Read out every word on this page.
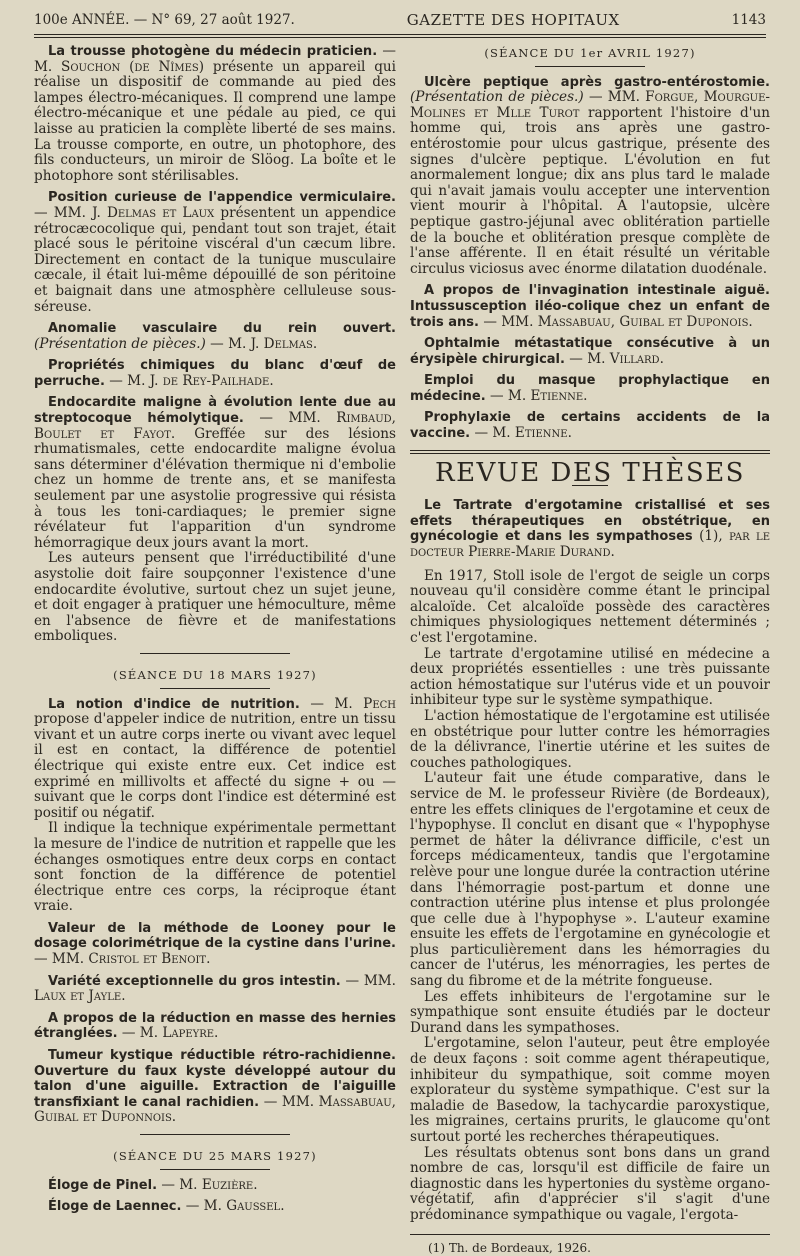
100e ANNÉE. — N° 69, 27 août 1927.	GAZETTE DES HOPITAUX	1143

La trousse photogène du médecin praticien. — M. Souchon (de Nîmes) présente un appareil qui réalise un dispositif de commande au pied des lampes électro-mécaniques. Il comprend une lampe électro-mécanique et une pédale au pied, ce qui laisse au praticien la complète liberté de ses mains. La trousse comporte, en outre, un photophore, des fils conducteurs, un miroir de Slöog. La boîte et le photophore sont stérilisables.

Position curieuse de l'appendice vermiculaire. — MM. J. Delmas et Laux présentent un appendice rétrocæcocolique qui, pendant tout son trajet, était placé sous le péritoine viscéral d'un cæcum libre. Directement en contact de la tunique musculaire cæcale, il était lui-même dépouillé de son péritoine et baignait dans une atmosphère celluleuse sous-séreuse.

Anomalie vasculaire du rein ouvert. (Présentation de pièces.) — M. J. Delmas.

Propriétés chimiques du blanc d'œuf de perruche. — M. J. de Rey-Pailhade.

Endocardite maligne à évolution lente due au streptocoque hémolytique. — MM. Rimbaud, Boulet et Fayot. Greffée sur des lésions rhumatismales, cette endocardite maligne évolua sans déterminer d'élévation thermique ni d'embolie chez un homme de trente ans, et se manifesta seulement par une asystolie progressive qui résista à tous les toni-cardiaques; le premier signe révélateur fut l'apparition d'un syndrome hémorragique deux jours avant la mort.

Les auteurs pensent que l'irréductibilité d'une asystolie doit faire soupçonner l'existence d'une endocardite évolutive, surtout chez un sujet jeune, et doit engager à pratiquer une hémoculture, même en l'absence de fièvre et de manifestations emboliques.

(SÉANCE DU 18 MARS 1927)

La notion d'indice de nutrition. — M. Pech propose d'appeler indice de nutrition, entre un tissu vivant et un autre corps inerte ou vivant avec lequel il est en contact, la différence de potentiel électrique qui existe entre eux. Cet indice est exprimé en millivolts et affecté du signe + ou — suivant que le corps dont l'indice est déterminé est positif ou négatif.

Il indique la technique expérimentale permettant la mesure de l'indice de nutrition et rappelle que les échanges osmotiques entre deux corps en contact sont fonction de la différence de potentiel électrique entre ces corps, la réciproque étant vraie.

Valeur de la méthode de Looney pour le dosage colorimétrique de la cystine dans l'urine. — MM. Cristol et Benoit.

Variété exceptionnelle du gros intestin. — MM. Laux et Jayle.

A propos de la réduction en masse des hernies étranglées. — M. Lapeyre.

Tumeur kystique réductible rétro-rachidienne. Ouverture du faux kyste développé autour du talon d'une aiguille. Extraction de l'aiguille transfixiant le canal rachidien. — MM. Massabuau, Guibal et Duponnois.

(SÉANCE DU 25 MARS 1927)

Éloge de Pinel. — M. Euzière.

Éloge de Laennec. — M. Gaussel.

(SÉANCE DU 1er AVRIL 1927)

Ulcère peptique après gastro-entérostomie. (Présentation de pièces.) — MM. Forgue, Mourgue-Molines et Mlle Turot rapportent l'histoire d'un homme qui, trois ans après une gastro-entérostomie pour ulcus gastrique, présente des signes d'ulcère peptique. L'évolution en fut anormalement longue; dix ans plus tard le malade qui n'avait jamais voulu accepter une intervention vient mourir à l'hôpital. A l'autopsie, ulcère peptique gastro-jéjunal avec oblitération partielle de la bouche et oblitération presque complète de l'anse afférente. Il en était résulté un véritable circulus viciosus avec énorme dilatation duodénale.

A propos de l'invagination intestinale aiguë. Intussusception iléo-colique chez un enfant de trois ans. — MM. Massabuau, Guibal et Duponois.

Ophtalmie métastatique consécutive à un érysipèle chirurgical. — M. Villard.

Emploi du masque prophylactique en médecine. — M. Etienne.

Prophylaxie de certains accidents de la vaccine. — M. Etienne.

REVUE DES THÈSES

Le Tartrate d'ergotamine cristallisé et ses effets thérapeutiques en obstétrique, en gynécologie et dans les sympathoses (1), par le docteur Pierre-Marie Durand.

En 1917, Stoll isole de l'ergot de seigle un corps nouveau qu'il considère comme étant le principal alcaloïde. Cet alcaloïde possède des caractères chimiques physiologiques nettement déterminés ; c'est l'ergotamine.

Le tartrate d'ergotamine utilisé en médecine a deux propriétés essentielles : une très puissante action hémostatique sur l'utérus vide et un pouvoir inhibiteur type sur le système sympathique.

L'action hémostatique de l'ergotamine est utilisée en obstétrique pour lutter contre les hémorragies de la délivrance, l'inertie utérine et les suites de couches pathologiques.

L'auteur fait une étude comparative, dans le service de M. le professeur Rivière (de Bordeaux), entre les effets cliniques de l'ergotamine et ceux de l'hypophyse. Il conclut en disant que « l'hypophyse permet de hâter la délivrance difficile, c'est un forceps médicamenteux, tandis que l'ergotamine relève pour une longue durée la contraction utérine dans l'hémorragie post-partum et donne une contraction utérine plus intense et plus prolongée que celle due à l'hypophyse ». L'auteur examine ensuite les effets de l'ergotamine en gynécologie et plus particulièrement dans les hémorragies du cancer de l'utérus, les ménorragies, les pertes de sang du fibrome et de la métrite fongueuse.

Les effets inhibiteurs de l'ergotamine sur le sympathique sont ensuite étudiés par le docteur Durand dans les sympathoses.

L'ergotamine, selon l'auteur, peut être employée de deux façons : soit comme agent thérapeutique, inhibiteur du sympathique, soit comme moyen explorateur du système sympathique. C'est sur la maladie de Basedow, la tachycardie paroxystique, les migraines, certains prurits, le glaucome qu'ont surtout porté les recherches thérapeutiques.

Les résultats obtenus sont bons dans un grand nombre de cas, lorsqu'il est difficile de faire un diagnostic dans les hypertonies du système organo-végétatif, afin d'apprécier s'il s'agit d'une prédominance sympathique ou vagale, l'ergota-

(1) Th. de Bordeaux, 1926.
